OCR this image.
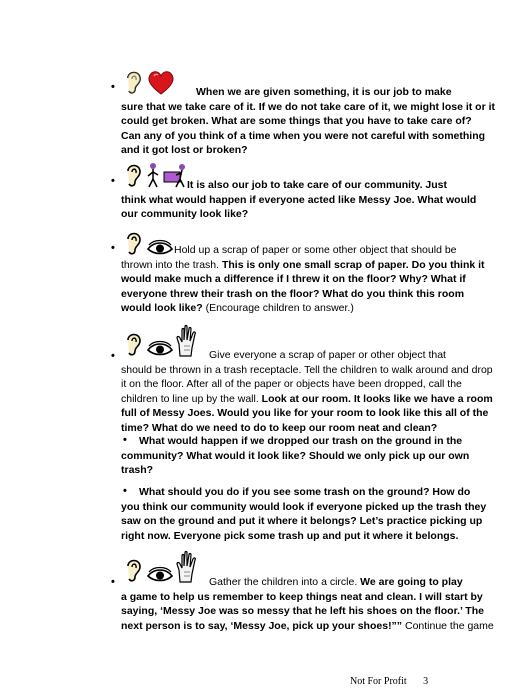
•	When we are given something, it is our job to make
sure that we take care of it. If we do not take care of it, we might lose it or it
could get broken. What are some things that you have to take care of?
Can any of you think of a time when you were not careful with something
and it got lost or broken?
•	It is also our job to take care of our community. Just
think what would happen if everyone acted like Messy Joe. What would
our community look like?
•	Hold up a scrap of paper or some other object that should be
thrown into the trash. This is only one small scrap of paper. Do you think it
would make much a difference if I threw it on the floor? Why? What if
everyone threw their trash on the floor? What do you think this room
would look like? (Encourage children to answer.)
•	Give everyone a scrap of paper or other object that
should be thrown in a trash receptacle. Tell the children to walk around and drop
it on the floor. After all of the paper or objects have been dropped, call the
children to line up by the wall. Look at our room. It looks like we have a room
full of Messy Joes. Would you like for your room to look like this all of the
time? What do we need to do to keep our room neat and clean?
•	What would happen if we dropped our trash on the ground in the
community? What would it look like? Should we only pick up our own
trash?
•	What should you do if you see some trash on the ground? How do
you think our community would look if everyone picked up the trash they
saw on the ground and put it where it belongs? Let’s practice picking up
right now. Everyone pick some trash up and put it where it belongs.
•	Gather the children into a circle. We are going to play
a game to help us remember to keep things neat and clean. I will start by
saying, ‘Messy Joe was so messy that he left his shoes on the floor.’ The
next person is to say, ‘Messy Joe, pick up your shoes!”” Continue the game
Not For Profit 3
